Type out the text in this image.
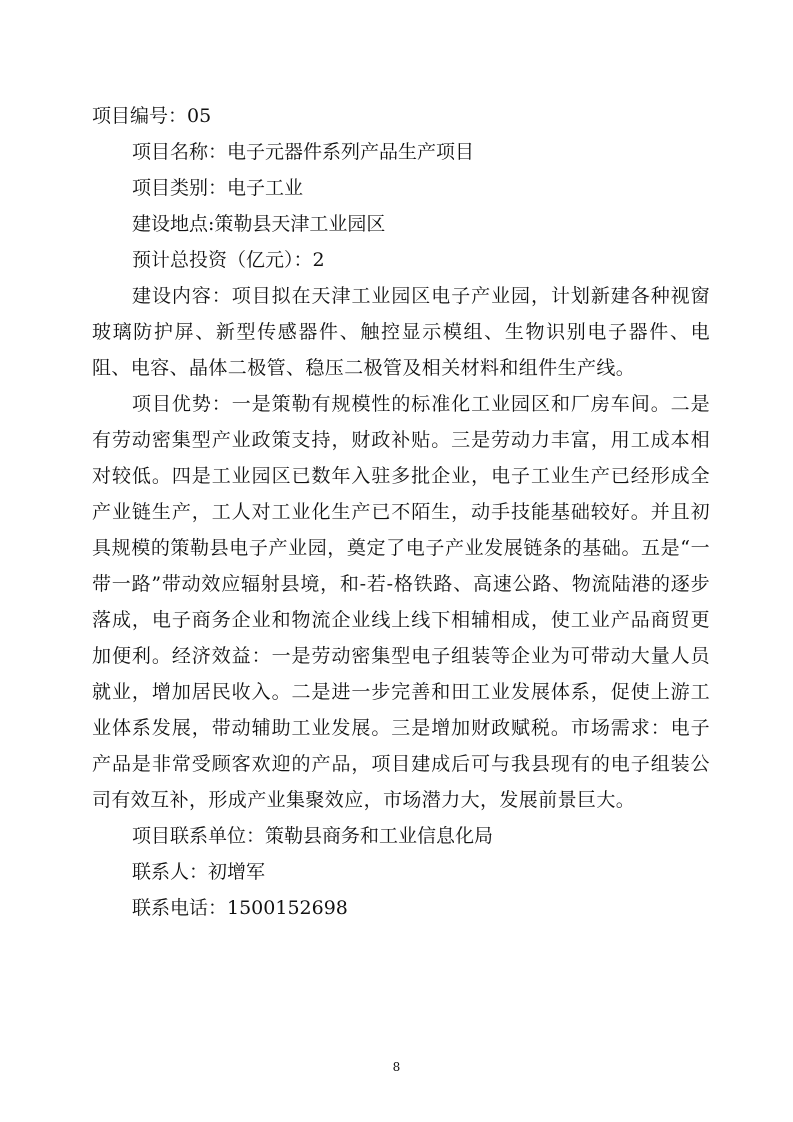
项目编号：05

项目名称：电子元器件系列产品生产项目

项目类别：电子工业

建设地点:策勒县天津工业园区

预计总投资（亿元）：2

建设内容：项目拟在天津工业园区电子产业园，计划新建各种视窗玻璃防护屏、新型传感器件、触控显示模组、生物识别电子器件、电阻、电容、晶体二极管、稳压二极管及相关材料和组件生产线。

项目优势：一是策勒有规模性的标准化工业园区和厂房车间。二是有劳动密集型产业政策支持，财政补贴。三是劳动力丰富，用工成本相对较低。四是工业园区已数年入驻多批企业，电子工业生产已经形成全产业链生产，工人对工业化生产已不陌生，动手技能基础较好。并且初具规模的策勒县电子产业园，奠定了电子产业发展链条的基础。五是“一带一路”带动效应辐射县境，和-若-格铁路、高速公路、物流陆港的逐步落成，电子商务企业和物流企业线上线下相辅相成，使工业产品商贸更加便利。经济效益：一是劳动密集型电子组装等企业为可带动大量人员就业，增加居民收入。二是进一步完善和田工业发展体系，促使上游工业体系发展，带动辅助工业发展。三是增加财政赋税。市场需求：电子产品是非常受顾客欢迎的产品，项目建成后可与我县现有的电子组装公司有效互补，形成产业集聚效应，市场潜力大，发展前景巨大。

项目联系单位：策勒县商务和工业信息化局

联系人：初增军

联系电话：1500152698

8
